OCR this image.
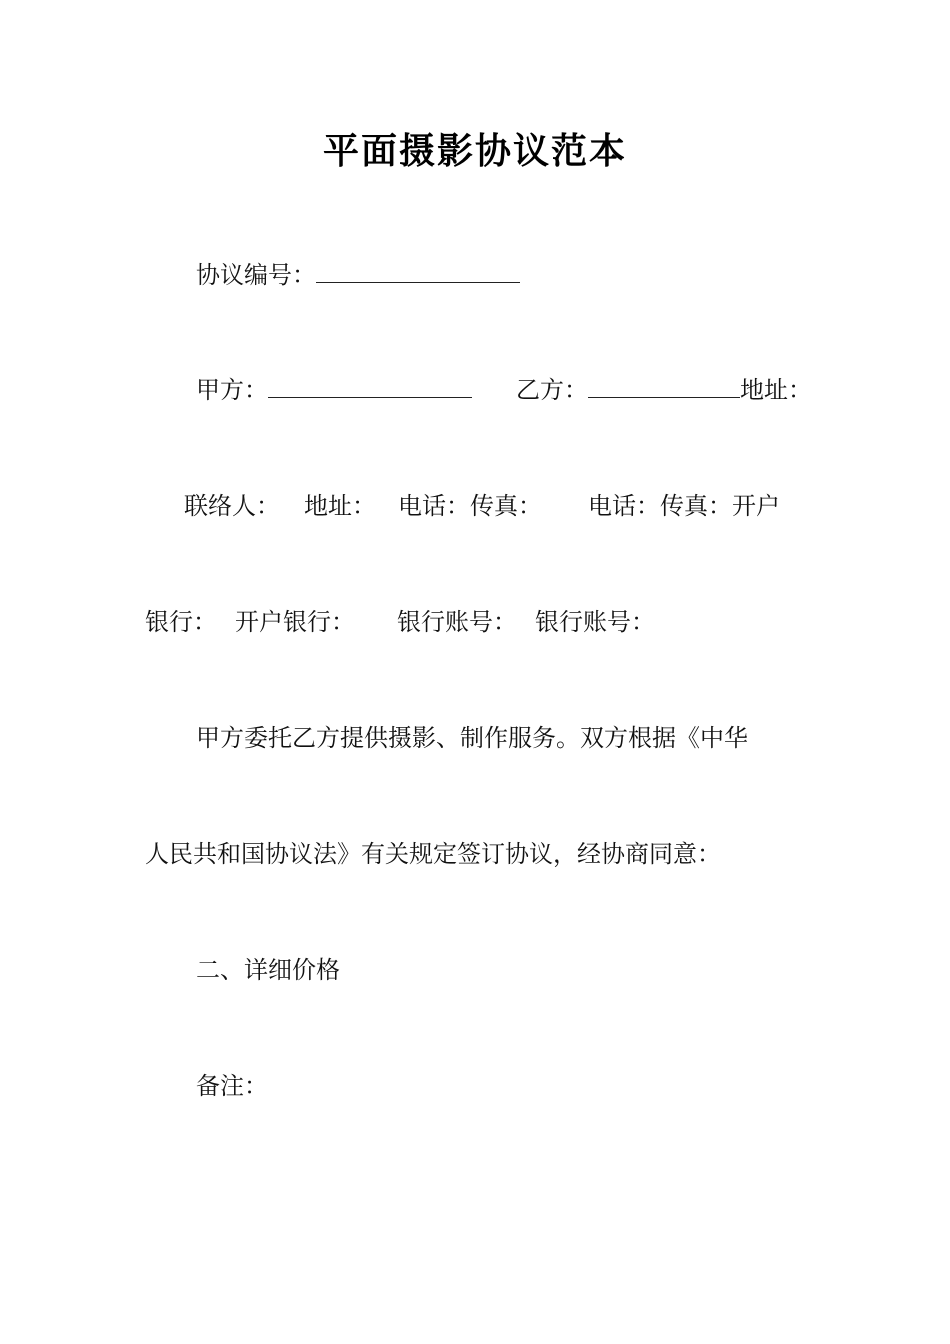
平面摄影协议范本
协议编号：
甲方：	乙方：	地址：
联络人： 地址： 电话：传真： 电话：传真：开户
银行： 开户银行： 银行账号： 银行账号：
甲方委托乙方提供摄影、制作服务。双方根据《中华
人民共和国协议法》有关规定签订协议，经协商同意：
二、详细价格
备注：
